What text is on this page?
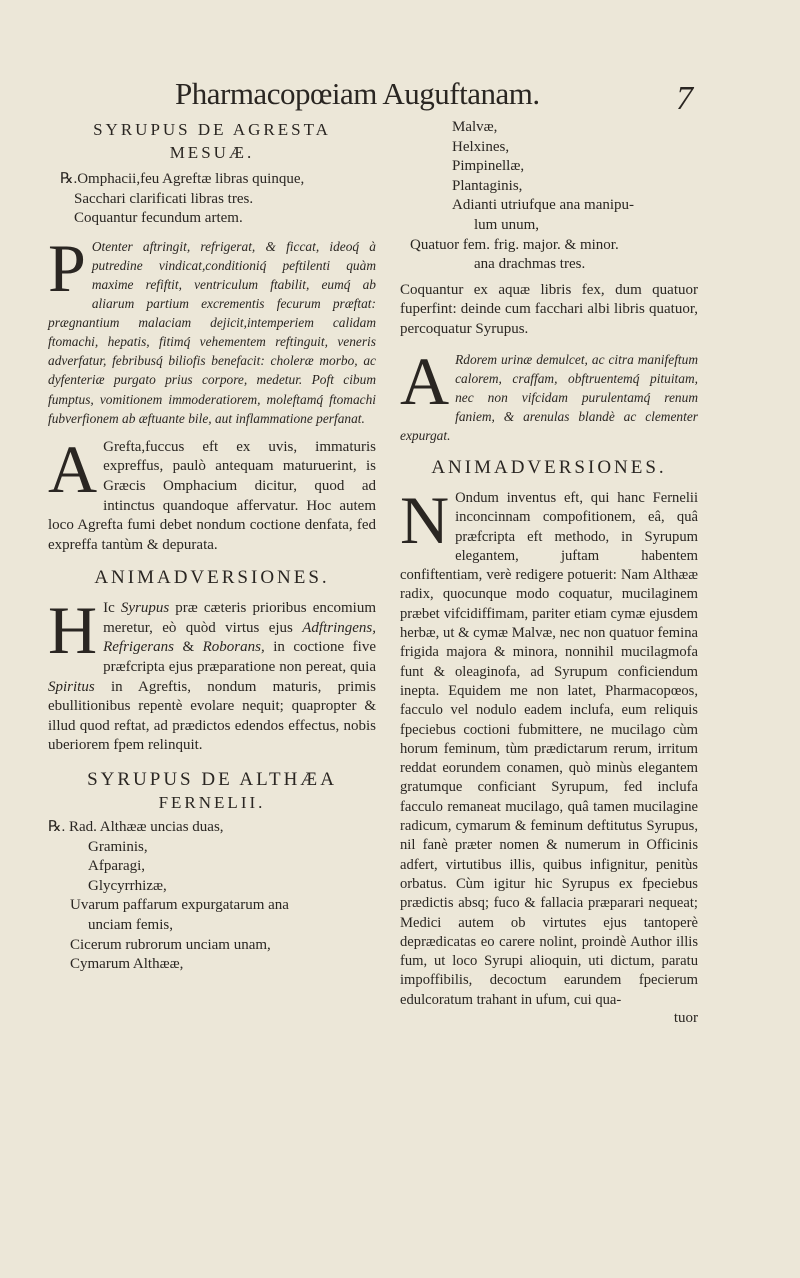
Pharmacopœiam Auguftanam.	7
SYRUPUS DE AGRESTA
MESUÆ.
℞.Omphacii,feu Agreftæ libras quinque,
Sacchari clarificati libras tres.
Coquantur fecundum artem.
P Otenter aftringit, refrigerat, & ficcat, ideoq́ à putredine vindicat,conditioniq́ peftilenti quàm maxime refiftit, ventriculum ftabilit, eumq́ ab aliarum partium excrementis fecurum præftat: prægnantium malaciam dejicit,intemperiem calidam ftomachi, hepatis, fitimq́ vehementem reftinguit, veneris adverfatur, febribusq́ biliofis benefacit: choleræ morbo, ac dyfenteriæ purgato prius corpore, medetur. Poft cibum fumptus, vomitionem immoderatiorem, moleftamq́ ftomachi fubverfionem ab æftuante bile, aut inflammatione perfanat.

A Grefta,fuccus eft ex uvis, immaturis expreffus, paulò antequam maturuerint, is Græcis Omphacium dicitur, quod ad intinctus quandoque affervatur. Hoc autem loco Agrefta fumi debet nondum coctione denfata, fed expreffa tantùm & depurata.

ANIMADVERSIONES.
H Ic Syrupus præ cæteris prioribus encomium meretur, eò quòd virtus ejus Adftringens, Refrigerans & Roborans, in coctione five præfcripta ejus præparatione non pereat, quia Spiritus in Agreftis, nondum maturis, primis ebullitionibus repentè evolare nequit; quapropter & illud quod reftat, ad prædictos edendos effectus, nobis uberiorem fpem relinquit.

SYRUPUS DE ALTHÆA
FERNELII.
℞. Rad. Althææ uncias duas,
Graminis,
Afparagi,
Glycyrrhizæ,
Uvarum paffarum expurgatarum ana
unciam femis,
Cicerum rubrorum unciam unam,
Cymarum Althææ,
Malvæ,
Helxines,
Pimpinellæ,
Plantaginis,
Adianti utriufque ana manipu-
lum unum,
Quatuor fem. frig. major. & minor.
ana drachmas tres.

Coquantur ex aquæ libris fex, dum quatuor fuperfint: deinde cum facchari albi libris quatuor, percoquatur Syrupus.

A Rdorem urinæ demulcet, ac citra manifeftum calorem, craffam, obftruentemq́ pituitam, nec non vifcidam purulentamq́ renum faniem, & arenulas blandè ac clementer expurgat.

ANIMADVERSIONES.
N Ondum inventus eft, qui hanc Fernelii inconcinnam compofitionem, eâ, quâ præfcripta eft methodo, in Syrupum elegantem, juftam habentem confiftentiam, verè redigere potuerit: Nam Althææ radix, quocunque modo coquatur, mucilaginem præbet vifcidiffimam, pariter etiam cymæ ejusdem herbæ, ut & cymæ Malvæ, nec non quatuor femina frigida majora & minora, nonnihil mucilagmofa funt & oleaginofa, ad Syrupum conficiendum inepta. Equidem me non latet, Pharmacopœos, facculo vel nodulo eadem inclufa, eum reliquis fpeciebus coctioni fubmittere, ne mucilago cùm horum feminum, tùm prædictarum rerum, irritum reddat eorundem conamen, quò minùs elegantem gratumque conficiant Syrupum, fed inclufa facculo remaneat mucilago, quâ tamen mucilagine radicum, cymarum & feminum deftitutus Syrupus, nil fanè præter nomen & numerum in Officinis adfert, virtutibus illis, quibus infignitur, penitùs orbatus. Cùm igitur hic Syrupus ex fpeciebus prædictis absq; fuco & fallacia præparari nequeat; Medici autem ob virtutes ejus tantoperè deprædicatas eo carere nolint, proindè Author illis fum, ut loco Syrupi alioquin, uti dictum, paratu impoffibilis, decoctum earundem fpecierum edulcoratum trahant in ufum, cui qua-

tuor
